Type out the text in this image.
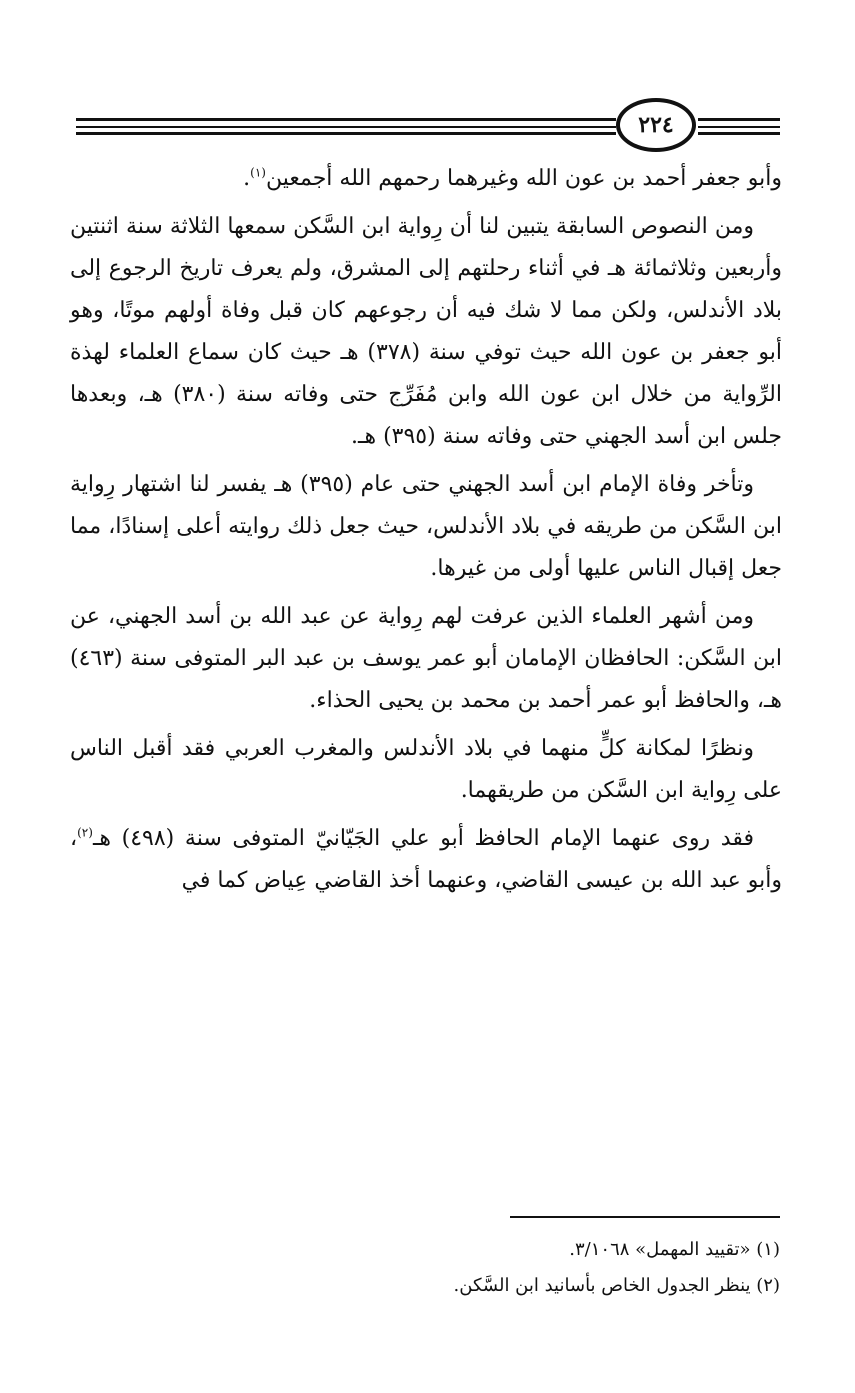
٢٢٤

وأبو جعفر أحمد بن عون الله وغيرهما رحمهم الله أجمعين$^{(١)}$.

ومن النصوص السابقة يتبين لنا أن رِواية ابن السَّكن سمعها الثلاثة سنة اثنتين وأربعين وثلاثمائة هـ في أثناء رحلتهم إلى المشرق، ولم يعرف تاريخ الرجوع إلى بلاد الأندلس، ولكن مما لا شك فيه أن رجوعهم كان قبل وفاة أولهم موتًا، وهو أبو جعفر بن عون الله حيث توفي سنة (٣٧٨) هـ حيث كان سماع العلماء لهذة الرِّواية من خلال ابن عون الله وابن مُفَرِّج حتى وفاته سنة (٣٨٠) هـ، وبعدها جلس ابن أسد الجهني حتى وفاته سنة (٣٩٥) هـ.

وتأخر وفاة الإمام ابن أسد الجهني حتى عام (٣٩٥) هـ يفسر لنا اشتهار رِواية ابن السَّكن من طريقه في بلاد الأندلس، حيث جعل ذلك روايته أعلى إسنادًا، مما جعل إقبال الناس عليها أولى من غيرها.

ومن أشهر العلماء الذين عرفت لهم رِواية عن عبد الله بن أسد الجهني، عن ابن السَّكن: الحافظان الإمامان أبو عمر يوسف بن عبد البر المتوفى سنة (٤٦٣) هـ، والحافظ أبو عمر أحمد بن محمد بن يحيى الحذاء.

ونظرًا لمكانة كلٍّ منهما في بلاد الأندلس والمغرب العربي فقد أقبل الناس على رِواية ابن السَّكن من طريقهما.

فقد روى عنهما الإمام الحافظ أبو علي الجَيّانيّ المتوفى سنة (٤٩٨) هـ$^{(٢)}$، وأبو عبد الله بن عيسى القاضي، وعنهما أخذ القاضي عِياض كما في

(١) «تقييد المهمل» ٣/١٠٦٨.

(٢) ينظر الجدول الخاص بأسانيد ابن السَّكن.
